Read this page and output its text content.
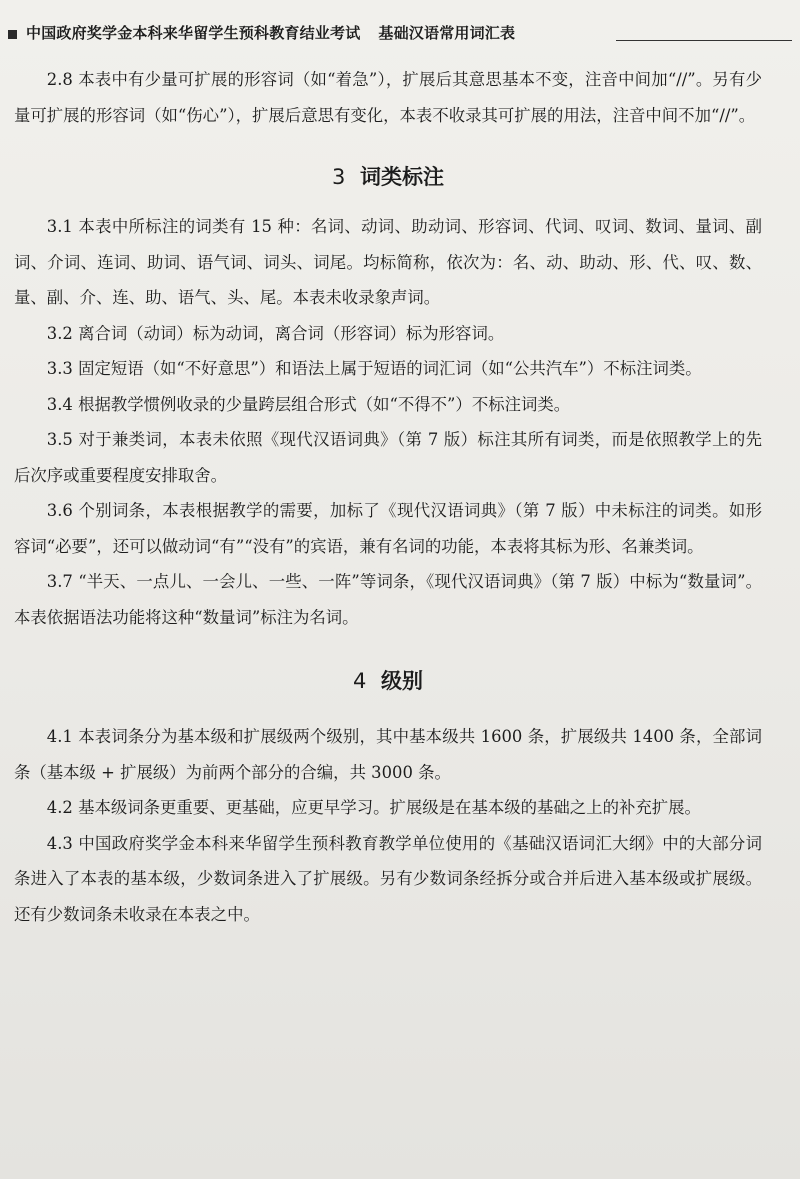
中国政府奖学金本科来华留学生预科教育结业考试 基础汉语常用词汇表

2.8 本表中有少量可扩展的形容词（如“着急”），扩展后其意思基本不变，注音中间加“//”。另有少量可扩展的形容词（如“伤心”），扩展后意思有变化，本表不收录其可扩展的用法，注音中间不加“//”。

3 词类标注

3.1 本表中所标注的词类有 15 种：名词、动词、助动词、形容词、代词、叹词、数词、量词、副词、介词、连词、助词、语气词、词头、词尾。均标简称，依次为：名、动、助动、形、代、叹、数、量、副、介、连、助、语气、头、尾。本表未收录象声词。

3.2 离合词（动词）标为动词，离合词（形容词）标为形容词。

3.3 固定短语（如“不好意思”）和语法上属于短语的词汇词（如“公共汽车”）不标注词类。

3.4 根据教学惯例收录的少量跨层组合形式（如“不得不”）不标注词类。

3.5 对于兼类词，本表未依照《现代汉语词典》（第 7 版）标注其所有词类，而是依照教学上的先后次序或重要程度安排取舍。

3.6 个别词条，本表根据教学的需要，加标了《现代汉语词典》（第 7 版）中未标注的词类。如形容词“必要”，还可以做动词“有”“没有”的宾语，兼有名词的功能，本表将其标为形、名兼类词。

3.7 “半天、一点儿、一会儿、一些、一阵”等词条，《现代汉语词典》（第 7 版）中标为“数量词”。本表依据语法功能将这种“数量词”标注为名词。

4 级别

4.1 本表词条分为基本级和扩展级两个级别，其中基本级共 1600 条，扩展级共 1400 条，全部词条（基本级 + 扩展级）为前两个部分的合编，共 3000 条。

4.2 基本级词条更重要、更基础，应更早学习。扩展级是在基本级的基础之上的补充扩展。

4.3 中国政府奖学金本科来华留学生预科教育教学单位使用的《基础汉语词汇大纲》中的大部分词条进入了本表的基本级，少数词条进入了扩展级。另有少数词条经拆分或合并后进入基本级或扩展级。还有少数词条未收录在本表之中。
